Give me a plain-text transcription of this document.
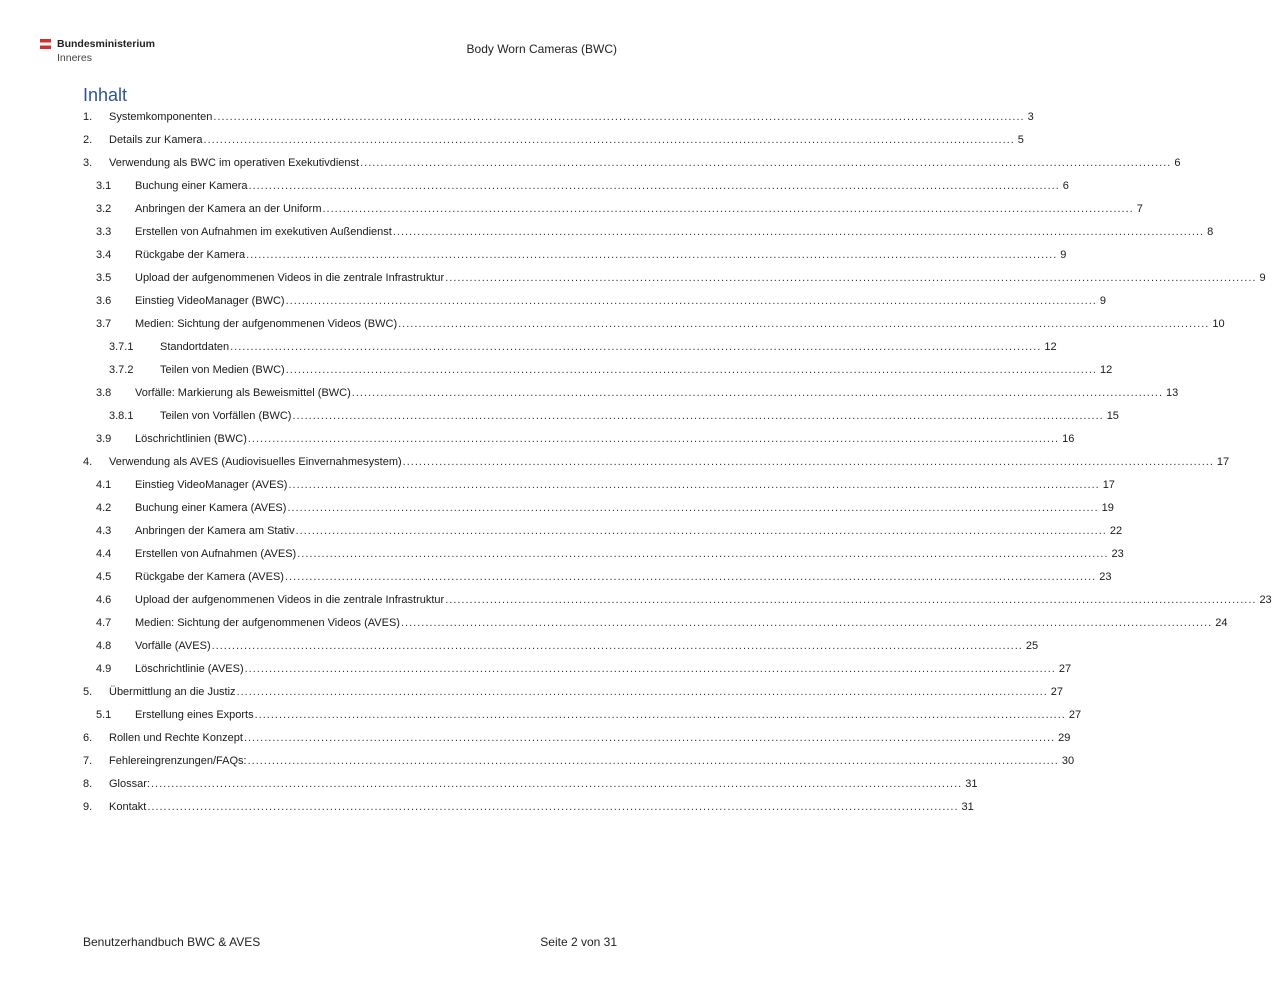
Bundesministerium
Inneres
Body Worn Cameras (BWC)
Inhalt
1. Systemkomponenten ........................................................................................................................................................................................................ 3
2. Details zur Kamera ........................................................................................................................................................................................................ 5
3. Verwendung als BWC im operativen Exekutivdienst ........................................................................................................................................................................................................ 6
3.1 Buchung einer Kamera ........................................................................................................................................................................................................ 6
3.2 Anbringen der Kamera an der Uniform ........................................................................................................................................................................................................ 7
3.3 Erstellen von Aufnahmen im exekutiven Außendienst ........................................................................................................................................................................................................ 8
3.4 Rückgabe der Kamera ........................................................................................................................................................................................................ 9
3.5 Upload der aufgenommenen Videos in die zentrale Infrastruktur ........................................................................................................................................................................................................ 9
3.6 Einstieg VideoManager (BWC) ........................................................................................................................................................................................................ 9
3.7 Medien: Sichtung der aufgenommenen Videos (BWC) ........................................................................................................................................................................................................ 10
3.7.1 Standortdaten ........................................................................................................................................................................................................ 12
3.7.2 Teilen von Medien (BWC) ........................................................................................................................................................................................................ 12
3.8 Vorfälle: Markierung als Beweismittel (BWC) ........................................................................................................................................................................................................ 13
3.8.1 Teilen von Vorfällen (BWC) ........................................................................................................................................................................................................ 15
3.9 Löschrichtlinien (BWC) ........................................................................................................................................................................................................ 16
4. Verwendung als AVES (Audiovisuelles Einvernahmesystem) ........................................................................................................................................................................................................ 17
4.1 Einstieg VideoManager (AVES) ........................................................................................................................................................................................................ 17
4.2 Buchung einer Kamera (AVES) ........................................................................................................................................................................................................ 19
4.3 Anbringen der Kamera am Stativ ........................................................................................................................................................................................................ 22
4.4 Erstellen von Aufnahmen (AVES) ........................................................................................................................................................................................................ 23
4.5 Rückgabe der Kamera (AVES) ........................................................................................................................................................................................................ 23
4.6 Upload der aufgenommenen Videos in die zentrale Infrastruktur ........................................................................................................................................................................................................ 23
4.7 Medien: Sichtung der aufgenommenen Videos (AVES) ........................................................................................................................................................................................................ 24
4.8 Vorfälle (AVES) ........................................................................................................................................................................................................ 25
4.9 Löschrichtlinie (AVES) ........................................................................................................................................................................................................ 27
5. Übermittlung an die Justiz ........................................................................................................................................................................................................ 27
5.1 Erstellung eines Exports ........................................................................................................................................................................................................ 27
6. Rollen und Rechte Konzept ........................................................................................................................................................................................................ 29
7. Fehlereingrenzungen/FAQs: ........................................................................................................................................................................................................ 30
8. Glossar: ........................................................................................................................................................................................................ 31
9. Kontakt ........................................................................................................................................................................................................ 31
Benutzerhandbuch BWC & AVES	Seite 2 von 31
